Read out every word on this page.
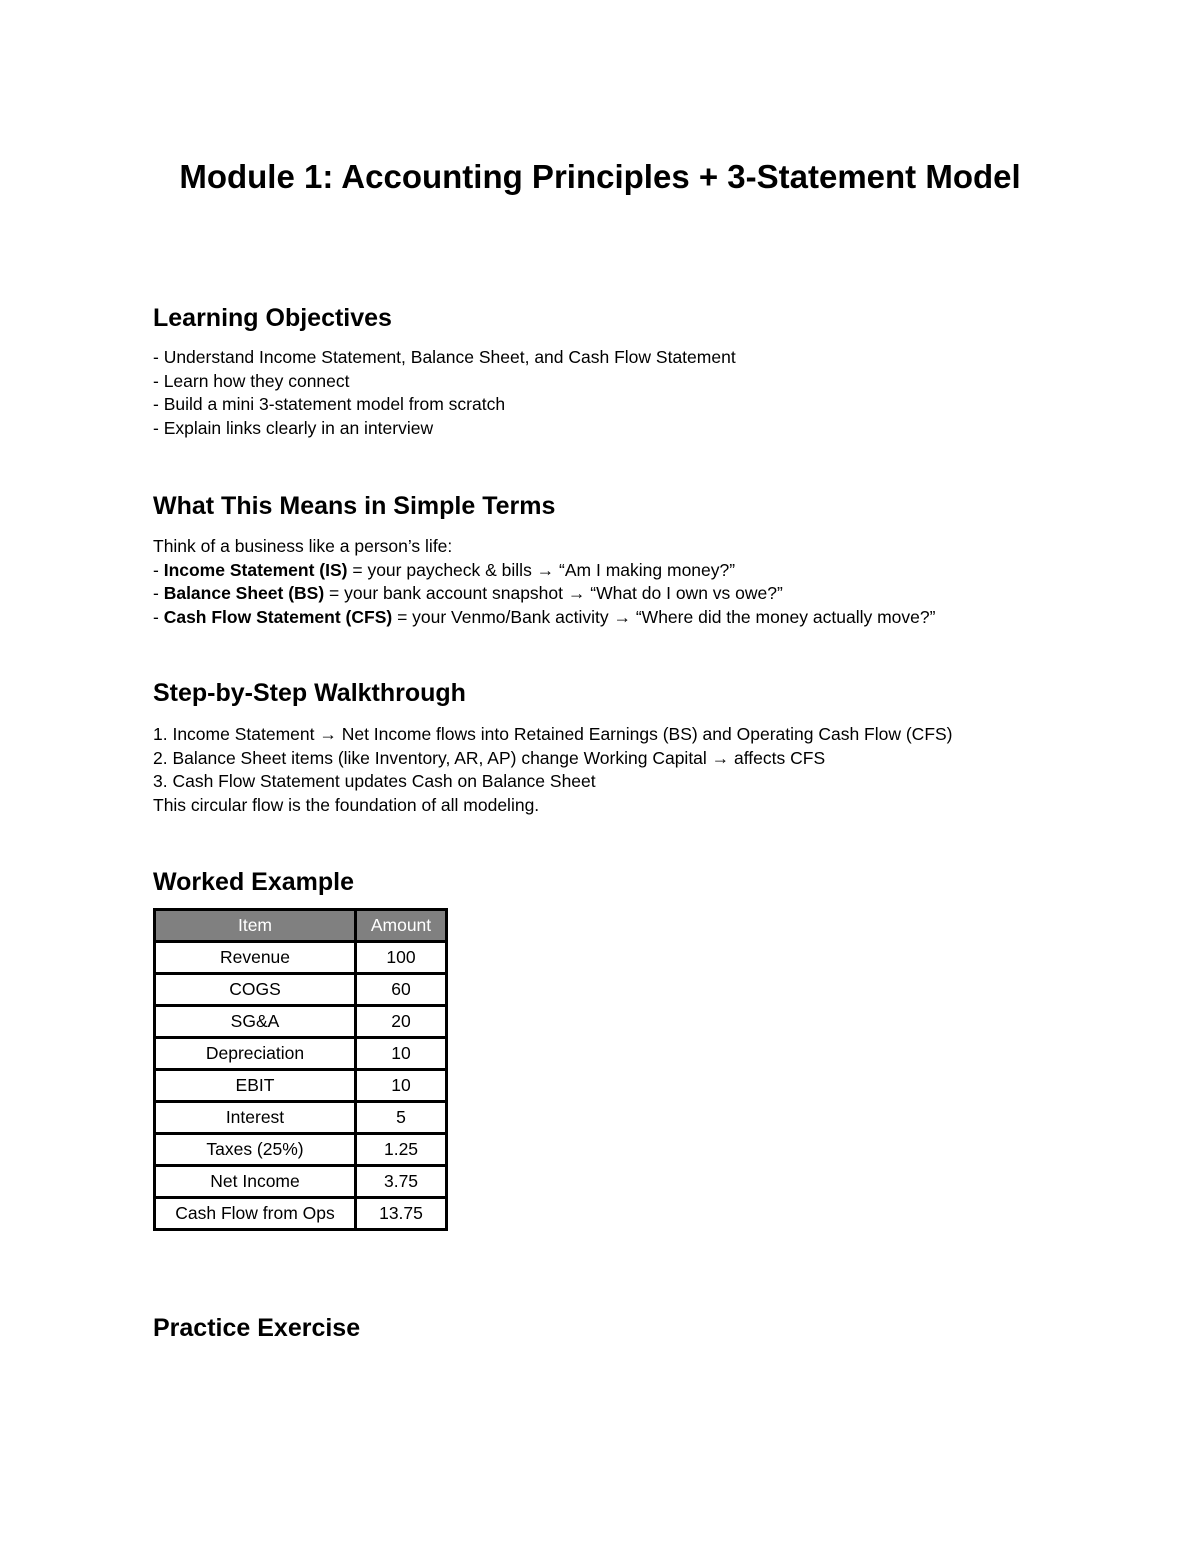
Module 1: Accounting Principles + 3-Statement Model
Learning Objectives
- Understand Income Statement, Balance Sheet, and Cash Flow Statement
- Learn how they connect
- Build a mini 3-statement model from scratch
- Explain links clearly in an interview
What This Means in Simple Terms

Think of a business like a person’s life:

- Income Statement (IS) = your paycheck & bills → “Am I making money?”

- Balance Sheet (BS) = your bank account snapshot → “What do I own vs owe?”

- Cash Flow Statement (CFS) = your Venmo/Bank activity → “Where did the money actually move?”

Step-by-Step Walkthrough
1. Income Statement → Net Income flows into Retained Earnings (BS) and Operating Cash Flow (CFS)
2. Balance Sheet items (like Inventory, AR, AP) change Working Capital → affects CFS
3. Cash Flow Statement updates Cash on Balance Sheet
This circular flow is the foundation of all modeling.
Worked Example
Item	Amount
Revenue	100
COGS	60
SG&A	20
Depreciation	10
EBIT	10
Interest	5
Taxes (25%)	1.25
Net Income	3.75
Cash Flow from Ops	13.75
Practice Exercise
